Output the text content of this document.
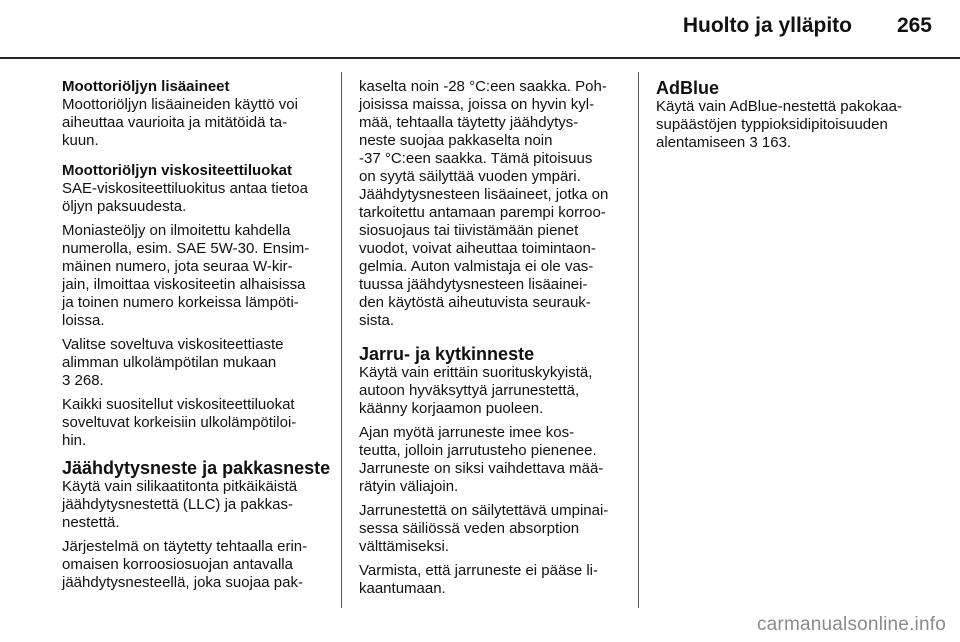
Huolto ja ylläpito	265
Moottoriöljyn lisäaineet
Moottoriöljyn lisäaineiden käyttö voi
aiheuttaa vaurioita ja mitätöidä ta-
kuun.
Moottoriöljyn viskositeettiluokat
SAE-viskositeettiluokitus antaa tietoa
öljyn paksuudesta.
Moniasteöljy on ilmoitettu kahdella
numerolla, esim. SAE 5W-30. Ensim-
mäinen numero, jota seuraa W-kir-
jain, ilmoittaa viskositeetin alhaisissa
ja toinen numero korkeissa lämpöti-
loissa.
Valitse soveltuva viskositeettiaste
alimman ulkolämpötilan mukaan
3 268.
Kaikki suositellut viskositeettiluokat
soveltuvat korkeisiin ulkolämpötiloi-
hin.
Jäähdytysneste ja pakkasneste
Käytä vain silikaatitonta pitkäikäistä
jäähdytysnestettä (LLC) ja pakkas-
nestettä.
Järjestelmä on täytetty tehtaalla erin-
omaisen korroosiosuojan antavalla
jäähdytysnesteellä, joka suojaa pak-
kaselta noin -28 °C:een saakka. Poh-
joisissa maissa, joissa on hyvin kyl-
mää, tehtaalla täytetty jäähdytys-
neste suojaa pakkaselta noin
-37 °C:een saakka. Tämä pitoisuus
on syytä säilyttää vuoden ympäri.
Jäähdytysnesteen lisäaineet, jotka on
tarkoitettu antamaan parempi korroo-
siosuojaus tai tiivistämään pienet
vuodot, voivat aiheuttaa toimintaon-
gelmia. Auton valmistaja ei ole vas-
tuussa jäähdytysnesteen lisäainei-
den käytöstä aiheutuvista seurauk-
sista.
Jarru- ja kytkinneste
Käytä vain erittäin suorituskykyistä,
autoon hyväksyttyä jarrunestettä,
käänny korjaamon puoleen.
Ajan myötä jarruneste imee kos-
teutta, jolloin jarrutusteho pienenee.
Jarruneste on siksi vaihdettava mää-
rätyin väliajoin.
Jarrunestettä on säilytettävä umpinai-
sessa säiliössä veden absorption
välttämiseksi.
Varmista, että jarruneste ei pääse li-
kaantumaan.
AdBlue
Käytä vain AdBlue-nestettä pakokaa-
supäästöjen typpioksidipitoisuuden
alentamiseen 3 163.
carmanualsonline.info
